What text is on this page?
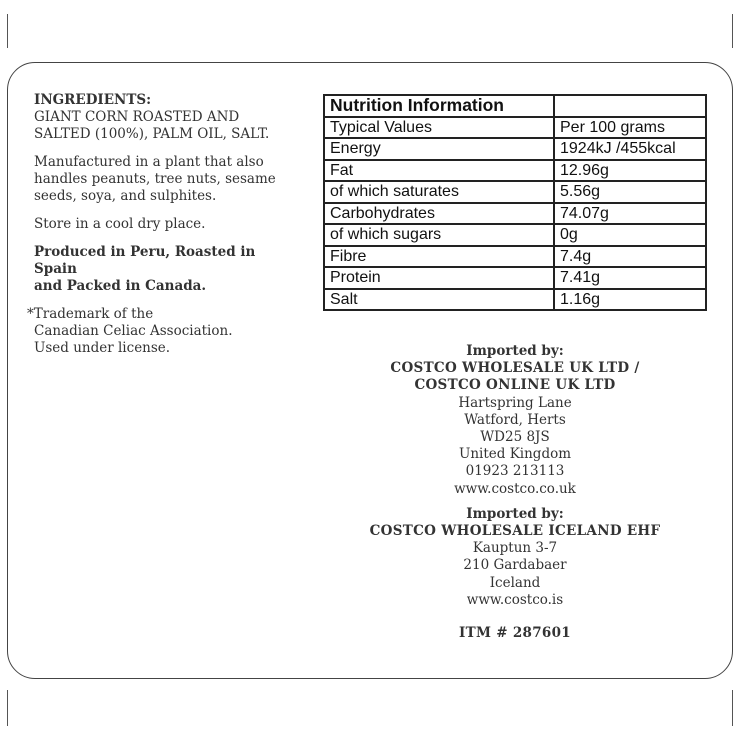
INGREDIENTS:
GIANT CORN ROASTED AND
SALTED (100%), PALM OIL, SALT.

Manufactured in a plant that also
handles peanuts, tree nuts, sesame
seeds, soya, and sulphites.

Store in a cool dry place.

Produced in Peru, Roasted in Spain
and Packed in Canada.

*Trademark of the
Canadian Celiac Association.
Used under license.

Nutrition Information	
Typical Values	Per 100 grams
Energy	1924kJ /455kcal
Fat	12.96g
of which saturates	5.56g
Carbohydrates	74.07g
of which sugars	0g
Fibre	7.4g
Protein	7.41g
Salt	1.16g
Imported by:
COSTCO WHOLESALE UK LTD /
COSTCO ONLINE UK LTD
Hartspring Lane
Watford, Herts
WD25 8JS
United Kingdom
01923 213113
www.costco.co.uk
Imported by:
COSTCO WHOLESALE ICELAND EHF
Kauptun 3-7
210 Gardabaer
Iceland
www.costco.is
ITM # 287601
